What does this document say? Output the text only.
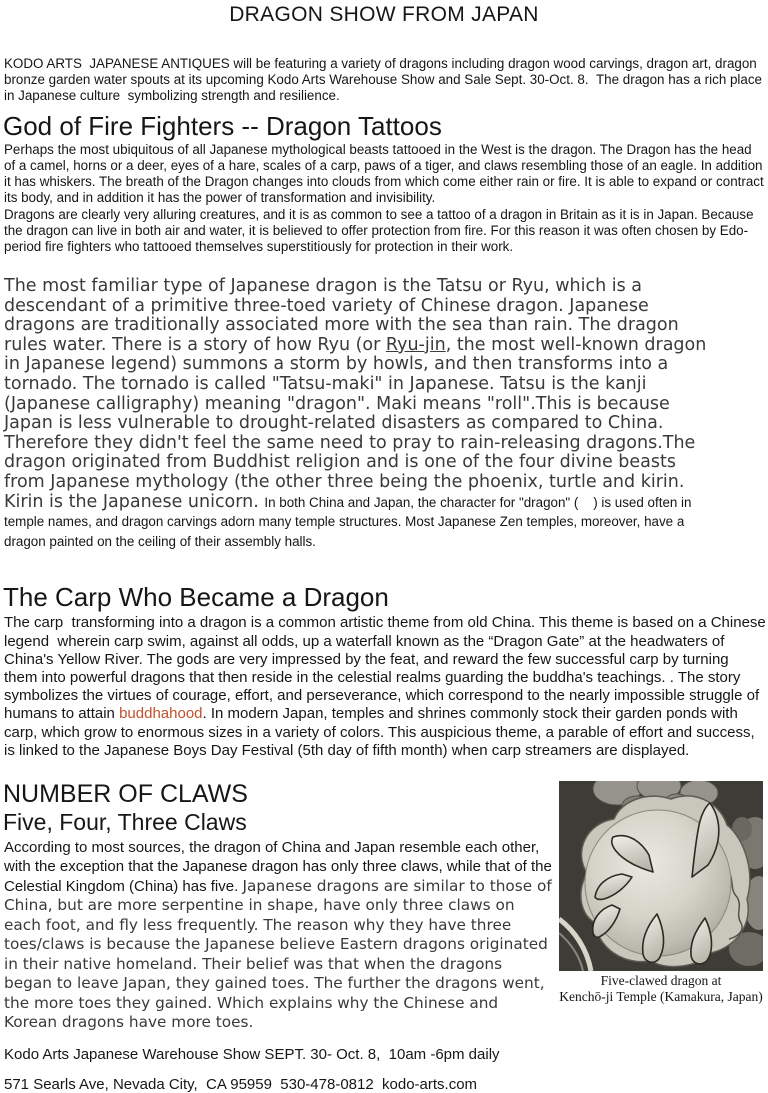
DRAGON SHOW FROM JAPAN

KODO ARTS  JAPANESE ANTIQUES will be featuring a variety of dragons including dragon wood carvings, dragon art, dragon bronze garden water spouts at its upcoming Kodo Arts Warehouse Show and Sale Sept. 30-Oct. 8.  The dragon has a rich place in Japanese culture  symbolizing strength and resilience.

God of Fire Fighters -- Dragon Tattoos

Perhaps the most ubiquitous of all Japanese mythological beasts tattooed in the West is the dragon. The Dragon has the head of a camel, horns or a deer, eyes of a hare, scales of a carp, paws of a tiger, and claws resembling those of an eagle. In addition it has whiskers. The breath of the Dragon changes into clouds from which come either rain or fire. It is able to expand or contract its body, and in addition it has the power of transformation and invisibility.

Dragons are clearly very alluring creatures, and it is as common to see a tattoo of a dragon in Britain as it is in Japan. Because the dragon can live in both air and water, it is believed to offer protection from fire. For this reason it was often chosen by Edo-period fire fighters who tattooed themselves superstitiously for protection in their work.

The most familiar type of Japanese dragon is the Tatsu or Ryu, which is a descendant of a primitive three-toed variety of Chinese dragon. Japanese dragons are traditionally associated more with the sea than rain. The dragon rules water. There is a story of how Ryu (or Ryu-jin, the most well-known dragon in Japanese legend) summons a storm by howls, and then transforms into a tornado. The tornado is called "Tatsu-maki" in Japanese. Tatsu is the kanji (Japanese calligraphy) meaning "dragon". Maki means "roll".This is because Japan is less vulnerable to drought-related disasters as compared to China. Therefore they didn't feel the same need to pray to rain-releasing dragons.The dragon originated from Buddhist religion and is one of the four divine beasts from Japanese mythology (the other three being the phoenix, turtle and kirin. Kirin is the Japanese unicorn. In both China and Japan, the character for "dragon" (    ) is used often in temple names, and dragon carvings adorn many temple structures. Most Japanese Zen temples, moreover, have a dragon painted on the ceiling of their assembly halls.

The Carp Who Became a Dragon

The carp  transforming into a dragon is a common artistic theme from old China. This theme is based on a Chinese legend  wherein carp swim, against all odds, up a waterfall known as the “Dragon Gate” at the headwaters of China's Yellow River. The gods are very impressed by the feat, and reward the few successful carp by turning them into powerful dragons that then reside in the celestial realms guarding the buddha's teachings. . The story symbolizes the virtues of courage, effort, and perseverance, which correspond to the nearly impossible struggle of humans to attain buddhahood. In modern Japan, temples and shrines commonly stock their garden ponds with carp, which grow to enormous sizes in a variety of colors. This auspicious theme, a parable of effort and success, is linked to the Japanese Boys Day Festival (5th day of fifth month) when carp streamers are displayed.

NUMBER OF CLAWS
Five, Four, Three Claws

According to most sources, the dragon of China and Japan resemble each other, with the exception that the Japanese dragon has only three claws, while that of the Celestial Kingdom (China) has five. Japanese dragons are similar to those of China, but are more serpentine in shape, have only three claws on each foot, and fly less frequently. The reason why they have three toes/claws is because the Japanese believe Eastern dragons originated in their native homeland. Their belief was that when the dragons began to leave Japan, they gained toes. The further the dragons went, the more toes they gained. Which explains why the Chinese and Korean dragons have more toes.

Five-clawed dragon at
Kenchō-ji Temple (Kamakura, Japan)

Kodo Arts Japanese Warehouse Show SEPT. 30- Oct. 8,  10am -6pm daily

571 Searls Ave, Nevada City,  CA 95959  530-478-0812  kodo-arts.com
